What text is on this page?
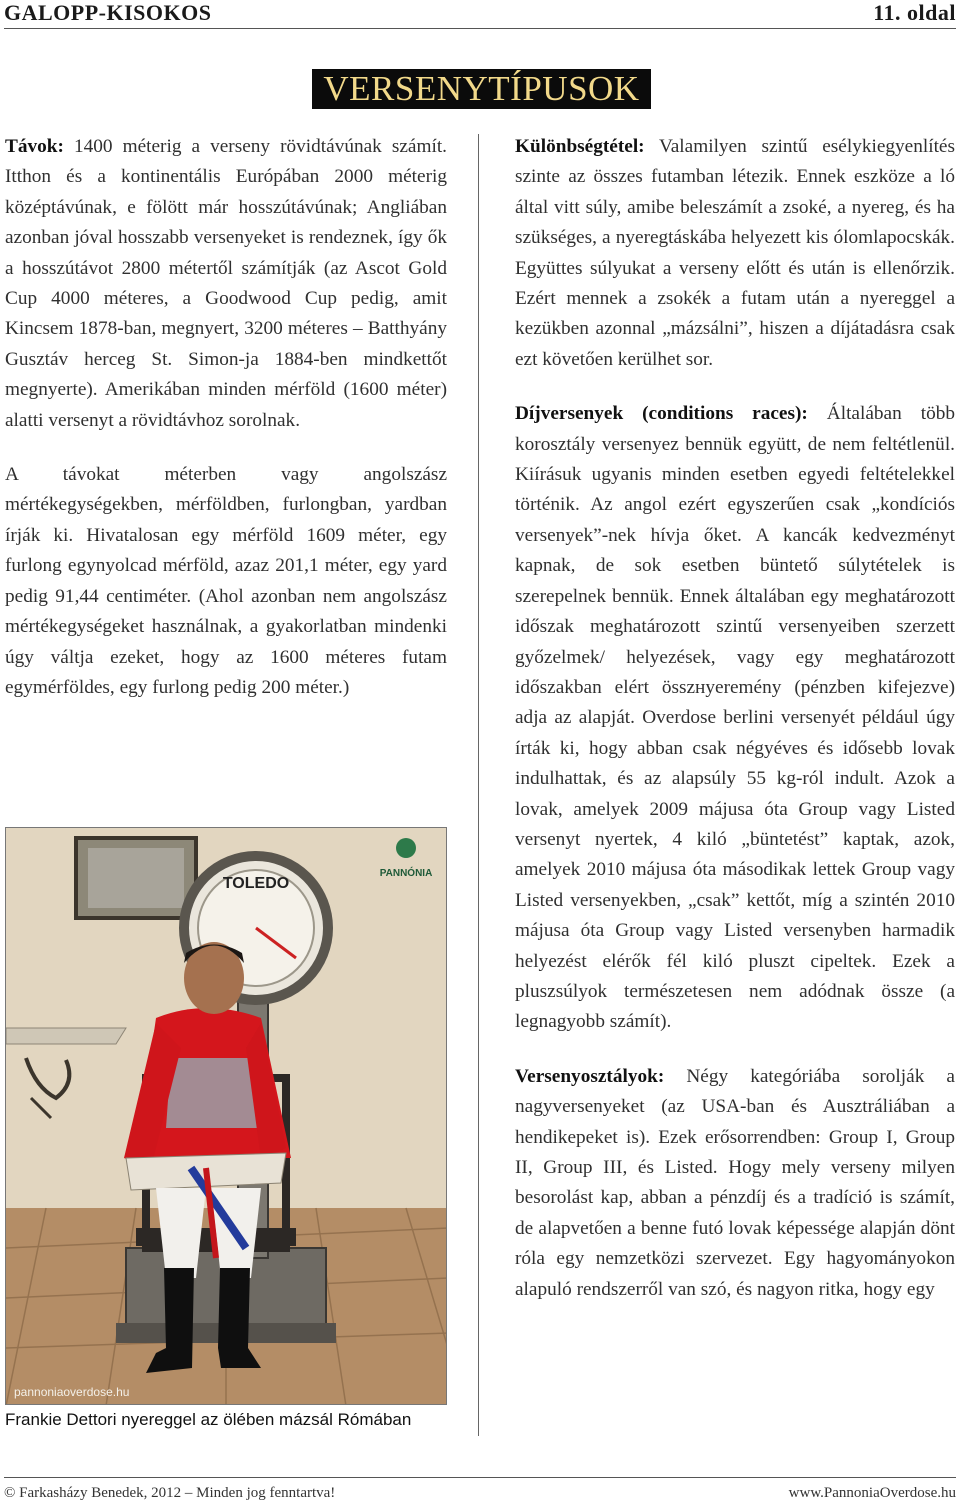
GALOPP-KISOKOS	11. oldal
VERSENYTÍPUSOK

Távok: 1400 méterig a verseny rövidtávúnak számít. Itthon és a kontinentális Európában 2000 méterig középtávúnak, e fölött már hosszútávúnak; Angliában azonban jóval hosszabb versenyeket is rendeznek, így ők a hosszútávot 2800 métertől számítják (az Ascot Gold Cup 4000 méteres, a Goodwood Cup pedig, amit Kincsem 1878-ban, megnyert, 3200 méteres – Batthyány Gusztáv herceg St. Simon-ja 1884-ben mindkettőt megnyerte). Amerikában minden mérföld (1600 méter) alatti versenyt a rövidtávhoz sorolnak.

A távokat méterben vagy angolszász mértékegységekben, mérföldben, furlongban, yardban írják ki. Hivatalosan egy mérföld 1609 méter, egy furlong egynyolcad mérföld, azaz 201,1 méter, egy yard pedig 91,44 centiméter. (Ahol azonban nem angolszász mértékegységeket használnak, a gyakorlatban mindenki úgy váltja ezeket, hogy az 1600 méteres futam egymérföldes, egy furlong pedig 200 méter.)

TOLEDO
PANNÓNIA
pannoniaoverdose.hu
Frankie Dettori nyereggel az ölében mázsál Rómában

Különbségtétel: Valamilyen szintű esélykiegyenlítés szinte az összes futamban létezik. Ennek eszköze a ló által vitt súly, amibe beleszámít a zsoké, a nyereg, és ha szükséges, a nyeregtáskába helyezett kis ólomlapocskák. Együttes súlyukat a verseny előtt és után is ellenőrzik. Ezért mennek a zsokék a futam után a nyereggel a kezükben azonnal „mázsálni”, hiszen a díjátadásra csak ezt követően kerülhet sor.

Díjversenyek (conditions races): Általában több korosztály versenyez bennük együtt, de nem feltétlenül. Kiírásuk ugyanis minden esetben egyedi feltételekkel történik. Az angol ezért egyszerűen csak „kondíciós versenyek”-nek hívja őket. A kancák kedvezményt kapnak, de sok esetben büntető súlytételek is szerepelnek bennük. Ennek általában egy meghatározott időszak meghatározott szintű versenyeiben szerzett győzelmek/ helyezések, vagy egy meghatározott időszakban elért összнyeremény (pénzben kifejezve) adja az alapját. Overdose berlini versenyét például úgy írták ki, hogy abban csak négyéves és idősebb lovak indulhattak, és az alapsúly 55 kg-ról indult. Azok a lovak, amelyek 2009 májusa óta Group vagy Listed versenyt nyertek, 4 kiló „büntetést” kaptak, azok, amelyek 2010 májusa óta másodikak lettek Group vagy Listed versenyekben, „csak” kettőt, míg a szintén 2010 májusa óta Group vagy Listed versenyben harmadik helyezést elérők fél kiló pluszt cipeltek. Ezek a pluszsúlyok természetesen nem adódnak össze (a legnagyobb számít).

Versenyosztályok: Négy kategóriába sorolják a nagyversenyeket (az USA-ban és Ausztráliában a hendikepeket is). Ezek erősorrendben: Group I, Group II, Group III, és Listed. Hogy mely verseny milyen besorolást kap, abban a pénzdíj és a tradíció is számít, de alapvetően a benne futó lovak képessége alapján dönt róla egy nemzetközi szervezet. Egy hagyományokon alapuló rendszerről van szó, és nagyon ritka, hogy egy

© Farkasházy Benedek, 2012 – Minden jog fenntartva!	www.PannoniaOverdose.hu
